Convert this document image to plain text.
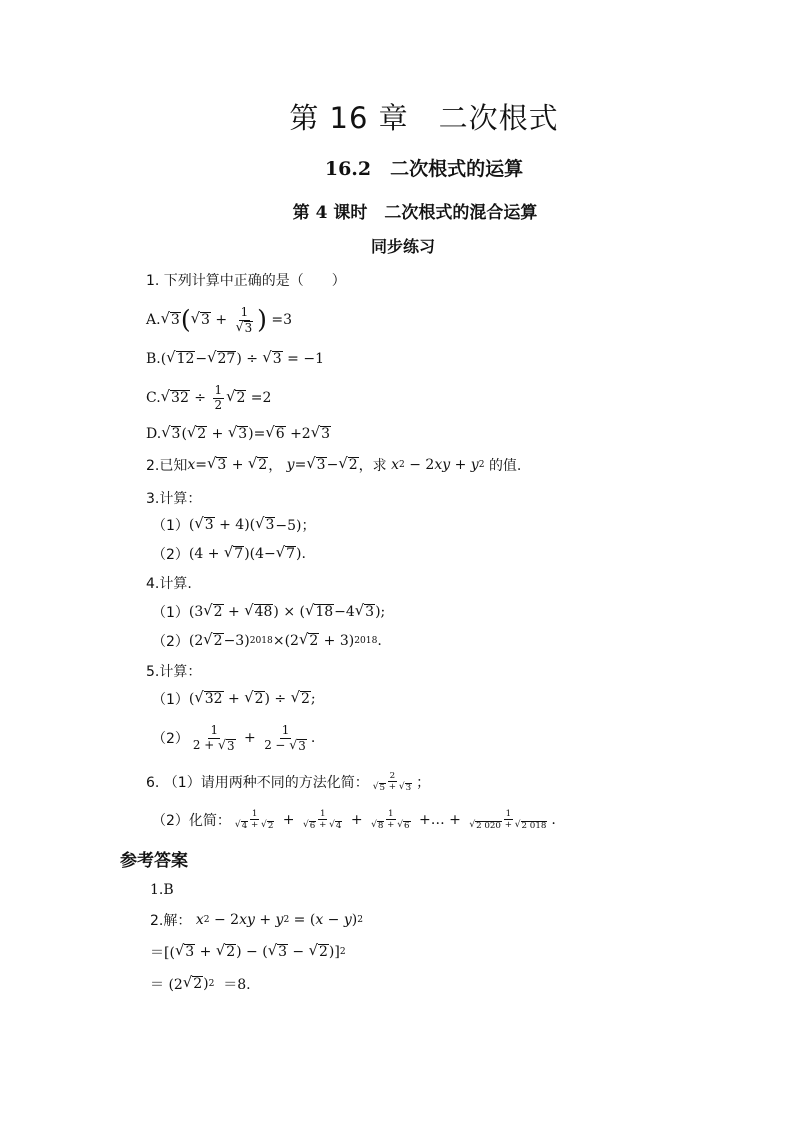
第 16 章　二次根式
16.2　二次根式的运算
第 4 课时　二次根式的混合运算
同步练习
1. 下列计算中正确的是（　　）
A. √ 3 ( √ $3 + \frac{1}{√ 3}$ ) =3
B. ( √ 12 − √ 27 ) ÷ √ 3 = −1
C. √ $32 \div \frac{1}{2}$ √ 2 =2
D. √ 3 ( √ 2 + √ 3 )= √ 6 +2 √ 3
2.已知 x = √ 3 + √ 2 ， y = √ 3 − √ 2 ，求 x 2 − 2 xy + y 2
的值.
3.计算：
（1） ( √ 3 + 4)( √ 3 −5)；
（2） (4 + √ 7 )(4− √ 7 ).
4.计算.
（1） (3 √ 2 + √ 48 ) × ( √ 18 −4 √ 3 );
（2） (2 √ 2 −3) 2018 ×(2 √ 2 + 3) 2018 .
5.计算：
（1） ( √ 32 + √ 2 ) ÷ √ 2 ;
$(2) \frac{1}{2 + √ 3} + \frac{1}{2 - √ 3}$ .
6. （1）请用两种不同的方法化简： $\frac{2}{√ 5 + √ 3}$ ；
（2）化简： $\frac{1}{√ 4 + √ 2} + \frac{1}{√ 6 + √ 4} + \frac{1}{√ 8 + √ 6}$ +… + $\frac{1}{√ 2 020 + √ 2 018}$ .
参考答案
1.B
2.解：
x 2 − 2 xy + y 2 = ( x − y ) 2
＝[( √ 3 + √ 2 ) − ( √ 3 − √ 2 )] 2
＝ (2 √ 2 ) 2 ＝8.
